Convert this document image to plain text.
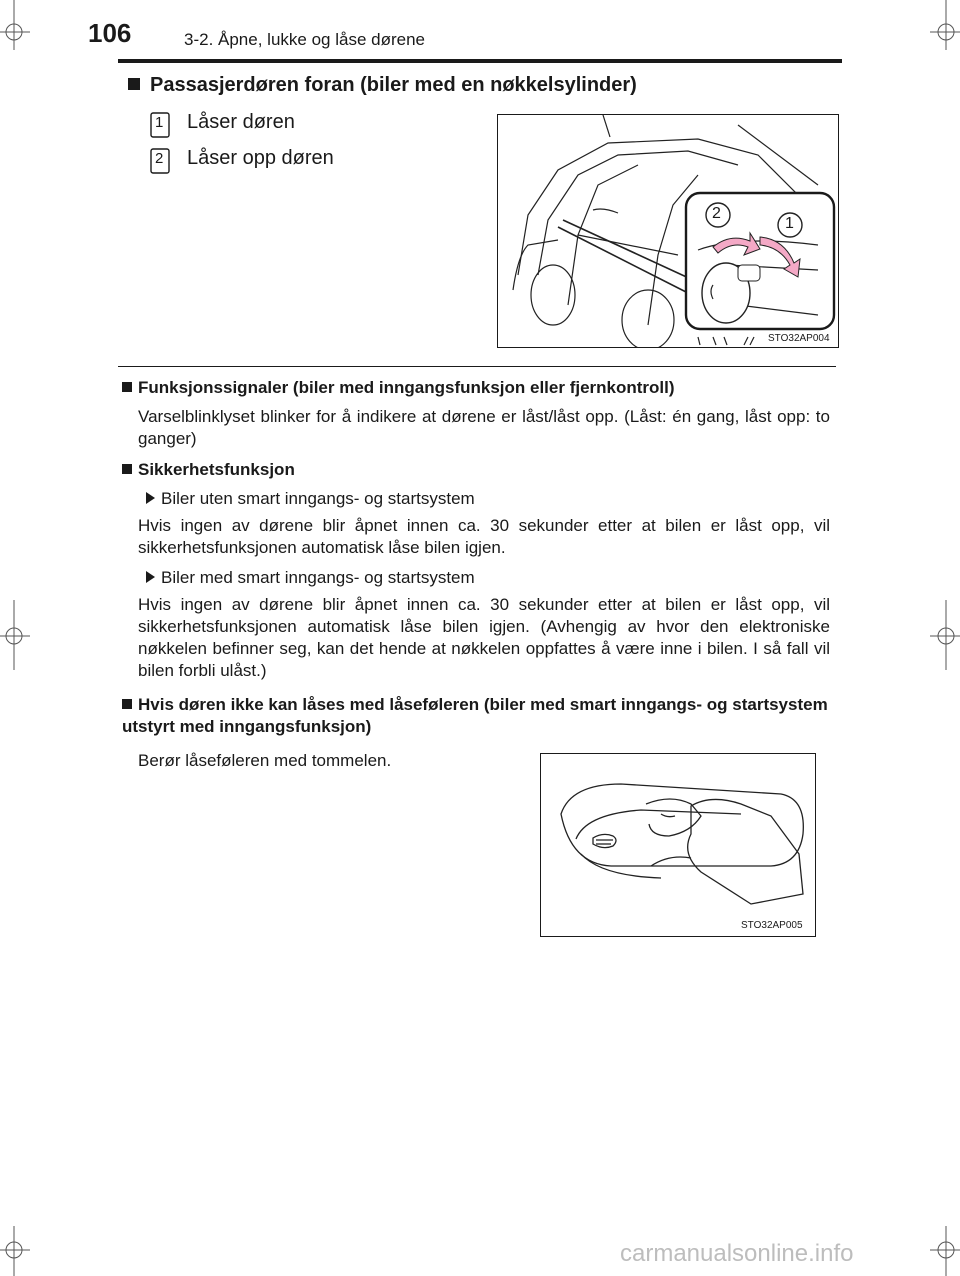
106	3-2. Åpne, lukke og låse dørene
Passasjerdøren foran (biler med en nøkkelsylinder)
1 Låser døren
2 Låser opp døren
2
1
STO32AP004
Funksjonssignaler (biler med inngangsfunksjon eller fjernkontroll)
Varselblinklyset blinker for å indikere at dørene er låst/låst opp. (Låst: én gang, låst opp: to ganger)
Sikkerhetsfunksjon
Biler uten smart inngangs- og startsystem
Hvis ingen av dørene blir åpnet innen ca. 30 sekunder etter at bilen er låst opp, vil sikkerhetsfunksjonen automatisk låse bilen igjen.
Biler med smart inngangs- og startsystem
Hvis ingen av dørene blir åpnet innen ca. 30 sekunder etter at bilen er låst opp, vil sikkerhetsfunksjonen automatisk låse bilen igjen. (Avhengig av hvor den elektroniske nøkkelen befinner seg, kan det hende at nøkkelen oppfattes å være inne i bilen. I så fall vil bilen forbli ulåst.)
Hvis døren ikke kan låses med låseføleren (biler med smart inngangs- og startsystem utstyrt med inngangsfunksjon)
Berør låseføleren med tommelen.
STO32AP005
carmanualsonline.info
